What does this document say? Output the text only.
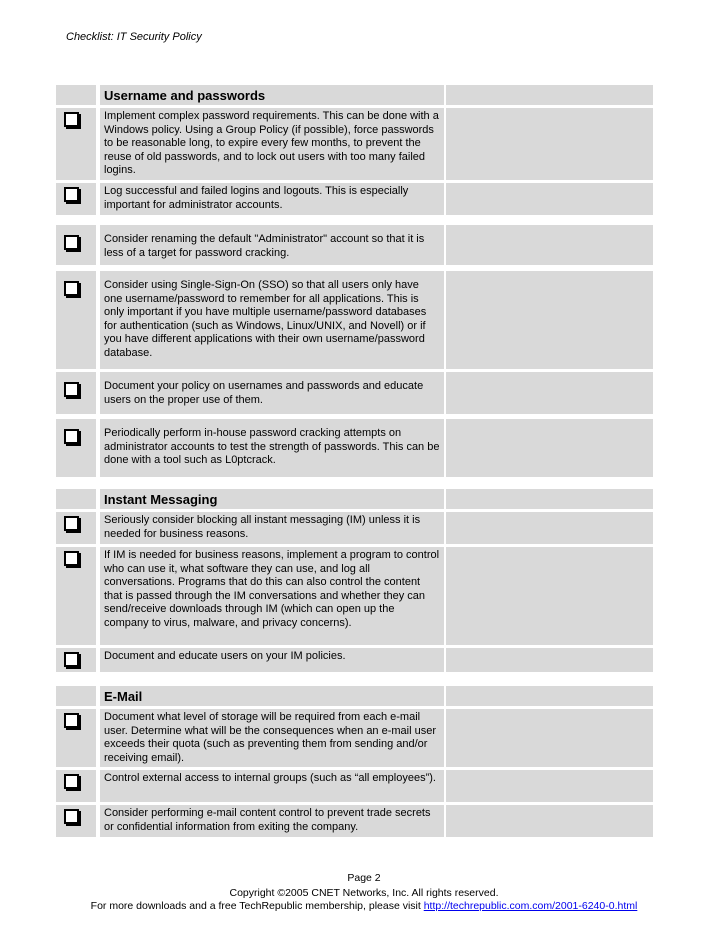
Checklist: IT Security Policy
		Username and passwords	
		Implement complex password requirements. This can be done with a Windows policy. Using a Group Policy (if possible), force passwords to be reasonable long, to expire every few months, to prevent the reuse of old passwords, and to lock out users with too many failed logins.	
		Log successful and failed logins and logouts. This is especially important for administrator accounts.	
		Consider renaming the default "Administrator" account so that it is less of a target for password cracking.	
		Consider using Single-Sign-On (SSO) so that all users only have one username/password to remember for all applications. This is only important if you have multiple username/password databases for authentication (such as Windows, Linux/UNIX, and Novell) or if you have different applications with their own username/password database.	
		Document your policy on usernames and passwords and educate users on the proper use of them.	
		Periodically perform in-house password cracking attempts on administrator accounts to test the strength of passwords. This can be done with a tool such as L0ptcrack.	
		Instant Messaging	
		Seriously consider blocking all instant messaging (IM) unless it is needed for business reasons.	
		If IM is needed for business reasons, implement a program to control who can use it, what software they can use, and log all conversations. Programs that do this can also control the content that is passed through the IM conversations and whether they can send/receive downloads through IM (which can open up the company to virus, malware, and privacy concerns).	
		Document and educate users on your IM policies.	
		E-Mail	
		Document what level of storage will be required from each e-mail user. Determine what will be the consequences when an e-mail user exceeds their quota (such as preventing them from sending and/or receiving email).	
		Control external access to internal groups (such as “all employees”).	
		Consider performing e-mail content control to prevent trade secrets or confidential information from exiting the company.	
Page 2
Copyright ©2005 CNET Networks, Inc. All rights reserved.
For more downloads and a free TechRepublic membership, please visit http://techrepublic.com.com/2001-6240-0.html
